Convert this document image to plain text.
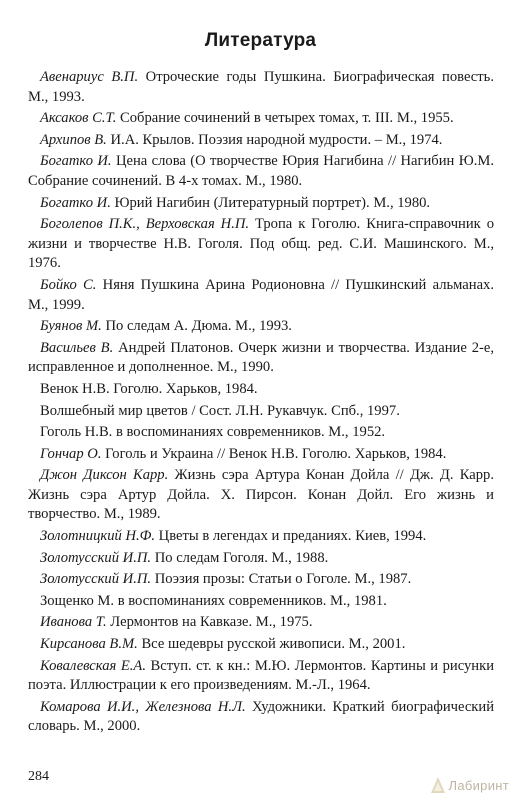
Литература

Авенариус В.П. Отроческие годы Пушкина. Биографическая повесть. М., 1993.

Аксаков С.Т. Собрание сочинений в четырех томах, т. III. М., 1955.

Архипов В. И.А. Крылов. Поэзия народной мудрости. – М., 1974.

Богатко И. Цена слова (О творчестве Юрия Нагибина // Нагибин Ю.М. Собрание сочинений. В 4-х томах. М., 1980.

Богатко И. Юрий Нагибин (Литературный портрет). М., 1980.

Боголепов П.К., Верховская Н.П. Тропа к Гоголю. Книга-справочник о жизни и творчестве Н.В. Гоголя. Под общ. ред. С.И. Машинского. М., 1976.

Бойко С. Няня Пушкина Арина Родионовна // Пушкинский альманах. М., 1999.

Буянов М. По следам А. Дюма. М., 1993.

Васильев В. Андрей Платонов. Очерк жизни и творчества. Издание 2-е, исправленное и дополненное. М., 1990.

Венок Н.В. Гоголю. Харьков, 1984.

Волшебный мир цветов / Сост. Л.Н. Рукавчук. Спб., 1997.

Гоголь Н.В. в воспоминаниях современников. М., 1952.

Гончар О. Гоголь и Украина // Венок Н.В. Гоголю. Харьков, 1984.

Джон Диксон Карр. Жизнь сэра Артура Конан Дойла // Дж. Д. Карр. Жизнь сэра Артур Дойла. Х. Пирсон. Конан Дойл. Его жизнь и творчество. М., 1989.

Золотницкий Н.Ф. Цветы в легендах и преданиях. Киев, 1994.

Золотусский И.П. По следам Гоголя. М., 1988.

Золотусский И.П. Поэзия прозы: Статьи о Гоголе. М., 1987.

Зощенко М. в воспоминаниях современников. М., 1981.

Иванова Т. Лермонтов на Кавказе. М., 1975.

Кирсанова В.М. Все шедевры русской живописи. М., 2001.

Ковалевская Е.А. Вступ. ст. к кн.: М.Ю. Лермонтов. Картины и рисунки поэта. Иллюстрации к его произведениям. М.-Л., 1964.

Комарова И.И., Железнова Н.Л. Художники. Краткий биографический словарь. М., 2000.

284
Лабиринт
